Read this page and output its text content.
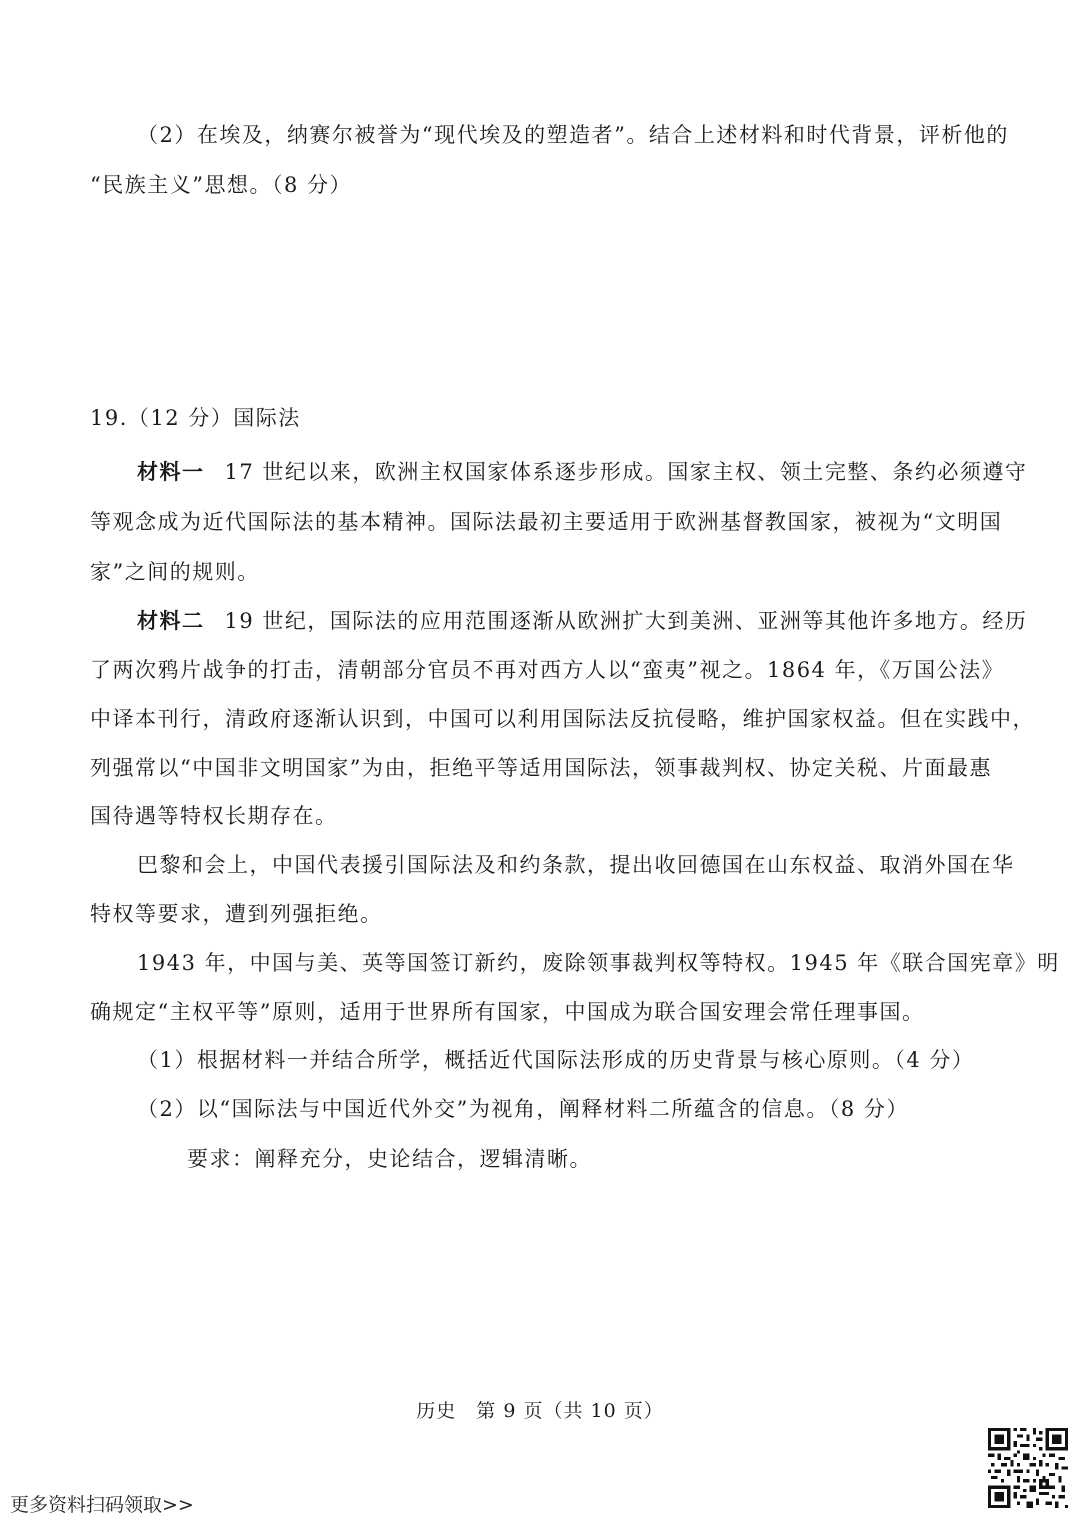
（2）在埃及，纳赛尔被誉为“现代埃及的塑造者”。结合上述材料和时代背景，评析他的
“民族主义”思想。（8 分）
19.（12 分）国际法
材料一 17 世纪以来，欧洲主权国家体系逐步形成。国家主权、领土完整、条约必须遵守
等观念成为近代国际法的基本精神。国际法最初主要适用于欧洲基督教国家，被视为“文明国
家”之间的规则。
材料二 19 世纪，国际法的应用范围逐渐从欧洲扩大到美洲、亚洲等其他许多地方。经历
了两次鸦片战争的打击，清朝部分官员不再对西方人以“蛮夷”视之。1864 年，《万国公法》
中译本刊行，清政府逐渐认识到，中国可以利用国际法反抗侵略，维护国家权益。但在实践中，
列强常以“中国非文明国家”为由，拒绝平等适用国际法，领事裁判权、协定关税、片面最惠
国待遇等特权长期存在。
巴黎和会上，中国代表援引国际法及和约条款，提出收回德国在山东权益、取消外国在华
特权等要求，遭到列强拒绝。
1943 年，中国与美、英等国签订新约，废除领事裁判权等特权。1945 年《联合国宪章》明
确规定“主权平等”原则，适用于世界所有国家，中国成为联合国安理会常任理事国。
（1）根据材料一并结合所学，概括近代国际法形成的历史背景与核心原则。（4 分）
（2）以“国际法与中国近代外交”为视角，阐释材料二所蕴含的信息。（8 分）
要求：阐释充分，史论结合，逻辑清晰。
历史　第 9 页（共 10 页）
更多资料扫码领取>>
